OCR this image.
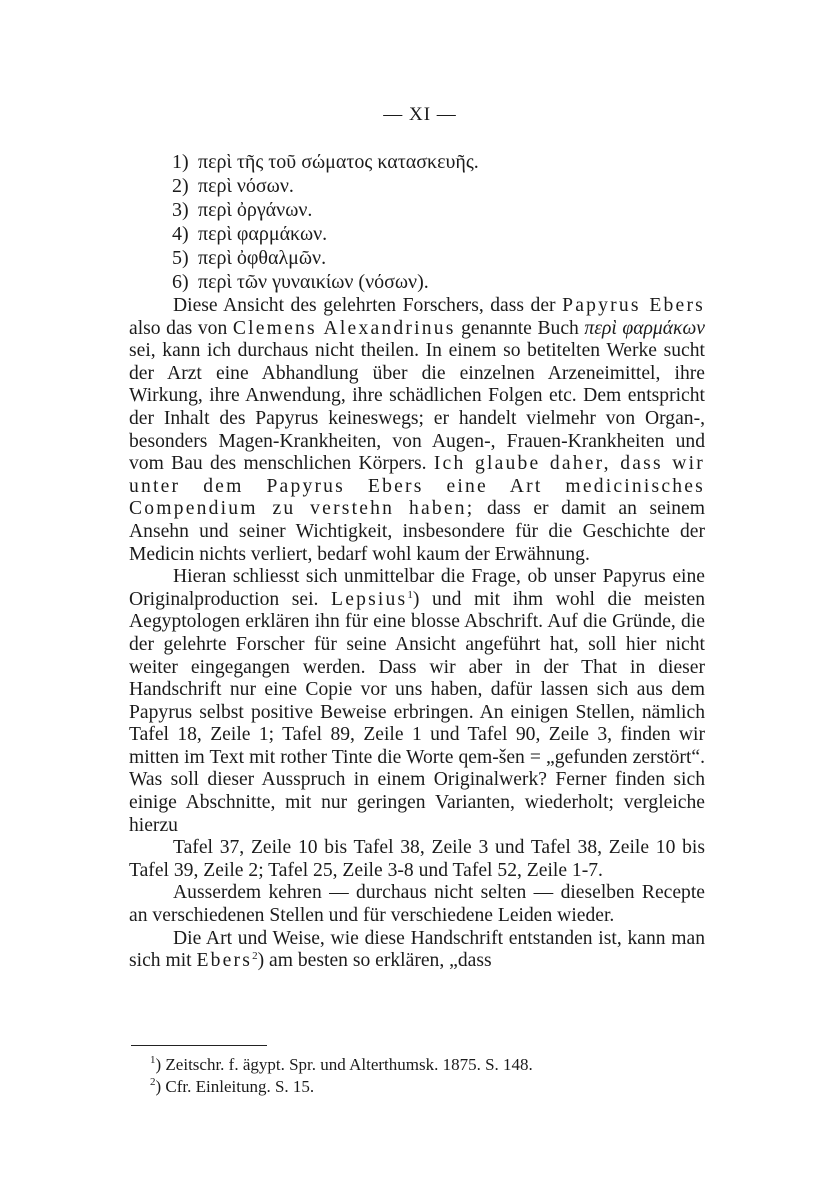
— XI —
1) περὶ τῆς τοῦ σώματος κατασκευῆς.
2) περὶ νόσων.
3) περὶ ὀργάνων.
4) περὶ φαρμάκων.
5) περὶ ὀφθαλμῶν.
6) περὶ τῶν γυναικίων (νόσων).

Diese Ansicht des gelehrten Forschers, dass der Papyrus Ebers also das von Clemens Alexandrinus genannte Buch περὶ φαρμάκων sei, kann ich durchaus nicht theilen. In einem so betitelten Werke sucht der Arzt eine Abhandlung über die einzelnen Arzeneimittel, ihre Wirkung, ihre Anwendung, ihre schädlichen Folgen etc. Dem entspricht der Inhalt des Papyrus keineswegs; er handelt vielmehr von Organ-, besonders Magen-Krankheiten, von Augen-, Frauen-Krankheiten und vom Bau des menschlichen Körpers. Ich glaube daher, dass wir unter dem Papyrus Ebers eine Art medicinisches Compendium zu verstehn haben; dass er damit an seinem Ansehn und seiner Wichtigkeit, insbesondere für die Geschichte der Medicin nichts verliert, bedarf wohl kaum der Erwähnung.

Hieran schliesst sich unmittelbar die Frage, ob unser Papyrus eine Originalproduction sei. Lepsius$^1$) und mit ihm wohl die meisten Aegyptologen erklären ihn für eine blosse Abschrift. Auf die Gründe, die der gelehrte Forscher für seine Ansicht angeführt hat, soll hier nicht weiter eingegangen werden. Dass wir aber in der That in dieser Handschrift nur eine Copie vor uns haben, dafür lassen sich aus dem Papyrus selbst positive Beweise erbringen. An einigen Stellen, nämlich Tafel 18, Zeile 1; Tafel 89, Zeile 1 und Tafel 90, Zeile 3, finden wir mitten im Text mit rother Tinte die Worte qem-šen = „gefunden zerstört“. Was soll dieser Ausspruch in einem Originalwerk? Ferner finden sich einige Abschnitte, mit nur geringen Varianten, wiederholt; vergleiche hierzu

Tafel 37, Zeile 10 bis Tafel 38, Zeile 3 und Tafel 38, Zeile 10 bis Tafel 39, Zeile 2; Tafel 25, Zeile 3-8 und Tafel 52, Zeile 1-7.

Ausserdem kehren — durchaus nicht selten — dieselben Recepte an verschiedenen Stellen und für verschiedene Leiden wieder.

Die Art und Weise, wie diese Handschrift entstanden ist, kann man sich mit Ebers$^2$) am besten so erklären, „dass

$^1$) Zeitschr. f. ägypt. Spr. und Alterthumsk. 1875. S. 148.
$^2$) Cfr. Einleitung. S. 15.
